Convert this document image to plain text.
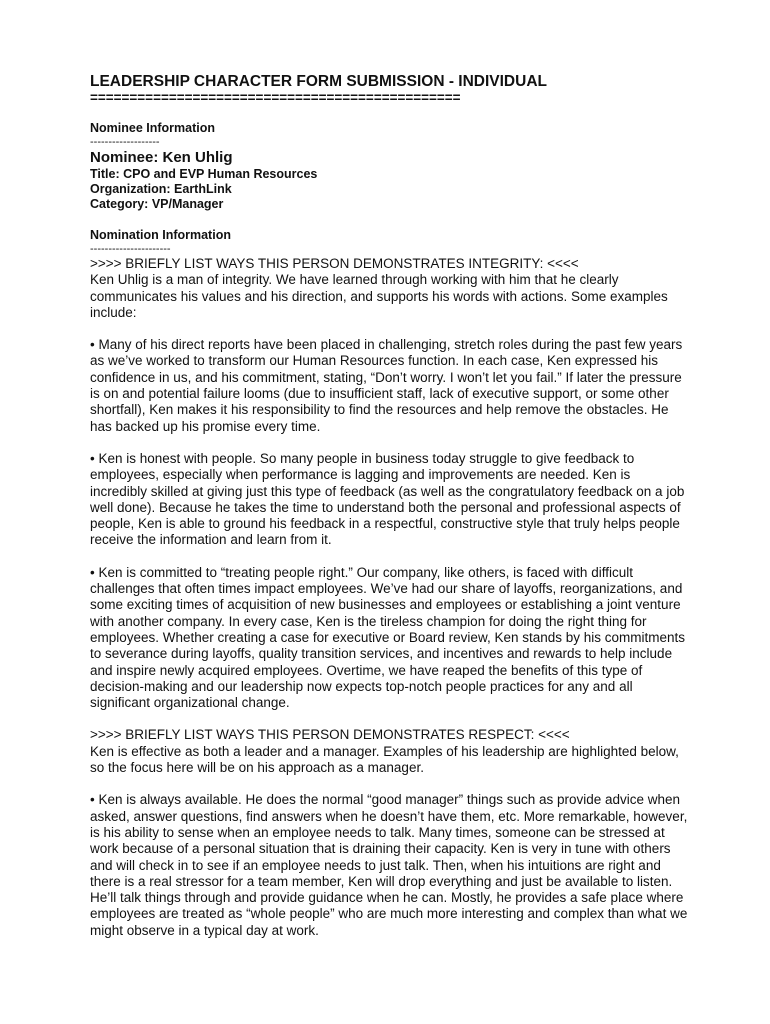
LEADERSHIP CHARACTER FORM SUBMISSION - INDIVIDUAL

===============================================

Nominee Information

-------------------

Nominee: Ken Uhlig

Title: CPO and EVP Human Resources

Organization: EarthLink

Category: VP/Manager

Nomination Information

----------------------

>>>> BRIEFLY LIST WAYS THIS PERSON DEMONSTRATES INTEGRITY: <<<<

Ken Uhlig is a man of integrity. We have learned through working with him that he clearly communicates his values and his direction, and supports his words with actions. Some examples include:

• Many of his direct reports have been placed in challenging, stretch roles during the past few years as we’ve worked to transform our Human Resources function. In each case, Ken expressed his confidence in us, and his commitment, stating, “Don’t worry. I won’t let you fail.” If later the pressure is on and potential failure looms (due to insufficient staff, lack of executive support, or some other shortfall), Ken makes it his responsibility to find the resources and help remove the obstacles. He has backed up his promise every time.

• Ken is honest with people. So many people in business today struggle to give feedback to employees, especially when performance is lagging and improvements are needed. Ken is incredibly skilled at giving just this type of feedback (as well as the congratulatory feedback on a job well done). Because he takes the time to understand both the personal and professional aspects of people, Ken is able to ground his feedback in a respectful, constructive style that truly helps people receive the information and learn from it.

• Ken is committed to “treating people right.” Our company, like others, is faced with difficult challenges that often times impact employees. We’ve had our share of layoffs, reorganizations, and some exciting times of acquisition of new businesses and employees or establishing a joint venture with another company. In every case, Ken is the tireless champion for doing the right thing for employees. Whether creating a case for executive or Board review, Ken stands by his commitments to severance during layoffs, quality transition services, and incentives and rewards to help include and inspire newly acquired employees. Overtime, we have reaped the benefits of this type of decision-making and our leadership now expects top-notch people practices for any and all significant organizational change.

>>>> BRIEFLY LIST WAYS THIS PERSON DEMONSTRATES RESPECT: <<<<

Ken is effective as both a leader and a manager. Examples of his leadership are highlighted below, so the focus here will be on his approach as a manager.

• Ken is always available. He does the normal “good manager” things such as provide advice when asked, answer questions, find answers when he doesn’t have them, etc. More remarkable, however, is his ability to sense when an employee needs to talk. Many times, someone can be stressed at work because of a personal situation that is draining their capacity. Ken is very in tune with others and will check in to see if an employee needs to just talk. Then, when his intuitions are right and there is a real stressor for a team member, Ken will drop everything and just be available to listen. He’ll talk things through and provide guidance when he can. Mostly, he provides a safe place where employees are treated as “whole people” who are much more interesting and complex than what we might observe in a typical day at work.
